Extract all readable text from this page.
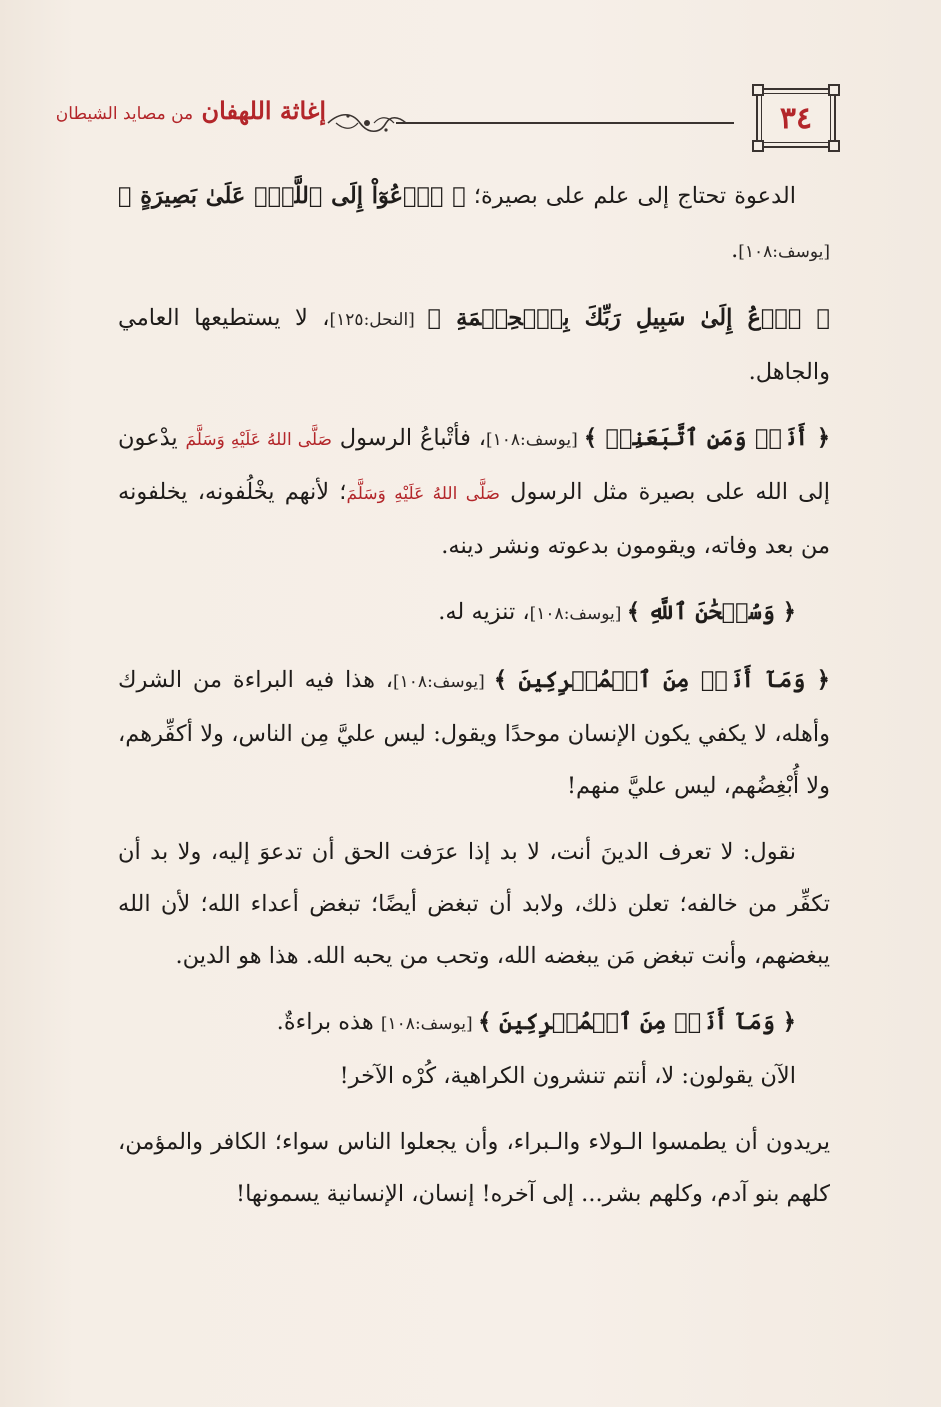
إغاثة اللهفان من مصايد الشيطان	٣٤

الدعوة تحتاج إلى علم على بصيرة؛ ﴿ ٱدۡعُوٓاْ إِلَى ٱللَّهِۚ عَلَىٰ بَصِيرَةٍ ﴾ [يوسف:١٠٨].

﴿ ٱدۡعُ إِلَىٰ سَبِيلِ رَبِّكَ بِٱلۡحِكۡمَةِ ﴾ [النحل:١٢٥]، لا يستطيعها العامي والجاهل.

﴿ أَنَا۠ وَمَنِ ٱتَّبَعَنِيۖ ﴾ [يوسف:١٠٨]، فأتْباعُ الرسول صَلَّى اللهُ عَلَيْهِ وَسَلَّمَ يدْعون إلى الله على بصيرة مثل الرسول صَلَّى اللهُ عَلَيْهِ وَسَلَّمَ؛ لأنهم يخْلُفونه، يخلفونه من بعد وفاته، ويقومون بدعوته ونشر دينه.

﴿ وَسُبۡحَٰنَ ٱللَّهِ ﴾ [يوسف:١٠٨]، تنزيه له.

﴿ وَمَآ أَنَا۠ مِنَ ٱلۡمُشۡرِكِينَ ﴾ [يوسف:١٠٨]، هذا فيه البراءة من الشرك وأهله، لا يكفي يكون الإنسان موحدًا ويقول: ليس عليَّ مِن الناس، ولا أكفِّرهم، ولا أُبْغِضُهم، ليس عليَّ منهم!

نقول: لا تعرف الدينَ أنت، لا بد إذا عرَفت الحق أن تدعوَ إليه، ولا بد أن تكفِّر من خالفه؛ تعلن ذلك، ولابد أن تبغض أيضًا؛ تبغض أعداء الله؛ لأن الله يبغضهم، وأنت تبغض مَن يبغضه الله، وتحب من يحبه الله. هذا هو الدين.

﴿ وَمَآ أَنَا۠ مِنَ ٱلۡمُشۡرِكِينَ ﴾ [يوسف:١٠٨] هذه براءةٌ.

الآن يقولون: لا، أنتم تنشرون الكراهية، كُرْه الآخر!

يريدون أن يطمسوا الـولاء والـبراء، وأن يجعلوا الناس سواء؛ الكافر والمؤمن، كلهم بنو آدم، وكلهم بشر... إلى آخره! إنسان، الإنسانية يسمونها!
